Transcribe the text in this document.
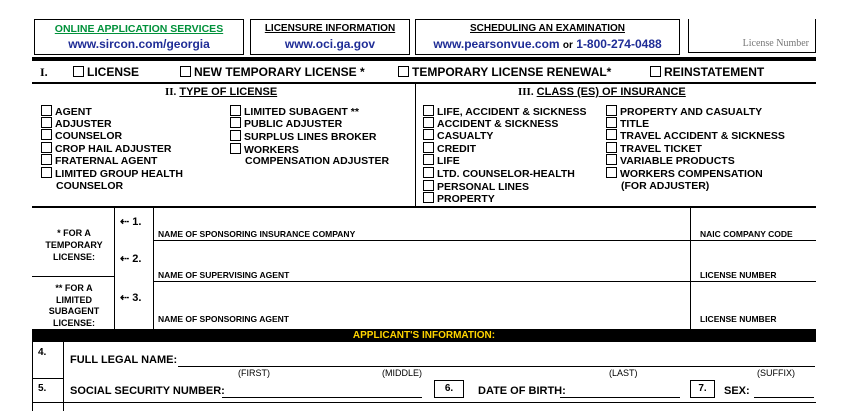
ONLINE APPLICATION SERVICES
www.sircon.com/georgia
LICENSURE INFORMATION
www.oci.ga.gov
SCHEDULING AN EXAMINATION
www.pearsonvue.com or 1-800-274-0488	License Number
I.	LICENSE	NEW TEMPORARY LICENSE *	TEMPORARY LICENSE RENEWAL*	REINSTATEMENT
II. TYPE OF LICENSE
AGENT
ADJUSTER
COUNSELOR
CROP HAIL ADJUSTER
FRATERNAL AGENT
LIMITED GROUP HEALTH
COUNSELOR
LIMITED SUBAGENT **
PUBLIC ADJUSTER
SURPLUS LINES BROKER
WORKERS
COMPENSATION ADJUSTER
III. CLASS (ES) OF INSURANCE
LIFE, ACCIDENT & SICKNESS
ACCIDENT & SICKNESS
CASUALTY
CREDIT
LIFE
LTD. COUNSELOR-HEALTH
PERSONAL LINES
PROPERTY
PROPERTY AND CASUALTY
TITLE
TRAVEL ACCIDENT & SICKNESS
TRAVEL TICKET
VARIABLE PRODUCTS
WORKERS COMPENSATION
(FOR ADJUSTER)
* FOR A
TEMPORARY
LICENSE:
** FOR A
LIMITED
SUBAGENT
LICENSE:
⇠ 1.
⇠ 2.
⇠ 3.
NAME OF SPONSORING INSURANCE COMPANY	NAIC COMPANY CODE
NAME OF SUPERVISING AGENT	LICENSE NUMBER
NAME OF SPONSORING AGENT	LICENSE NUMBER
APPLICANT'S INFORMATION:
4.
FULL LEGAL NAME:
(FIRST)	(MIDDLE)	(LAST)	(SUFFIX)
5. SOCIAL SECURITY NUMBER:	6.	DATE OF BIRTH:	7.	SEX:
